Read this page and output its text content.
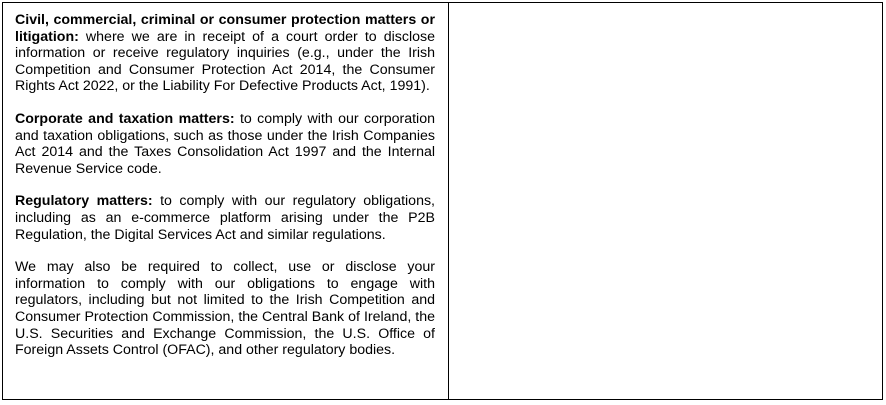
Civil, commercial, criminal or consumer protection matters or litigation: where we are in receipt of a court order to disclose information or receive regulatory inquiries (e.g., under the Irish Competition and Consumer Protection Act 2014, the Consumer Rights Act 2022, or the Liability For Defective Products Act, 1991).

Corporate and taxation matters: to comply with our corporation and taxation obligations, such as those under the Irish Companies Act 2014 and the Taxes Consolidation Act 1997 and the Internal Revenue Service code.

Regulatory matters: to comply with our regulatory obligations, including as an e-commerce platform arising under the P2B Regulation, the Digital Services Act and similar regulations.

We may also be required to collect, use or disclose your information to comply with our obligations to engage with regulators, including but not limited to the Irish Competition and Consumer Protection Commission, the Central Bank of Ireland, the U.S. Securities and Exchange Commission, the U.S. Office of Foreign Assets Control (OFAC), and other regulatory bodies.
